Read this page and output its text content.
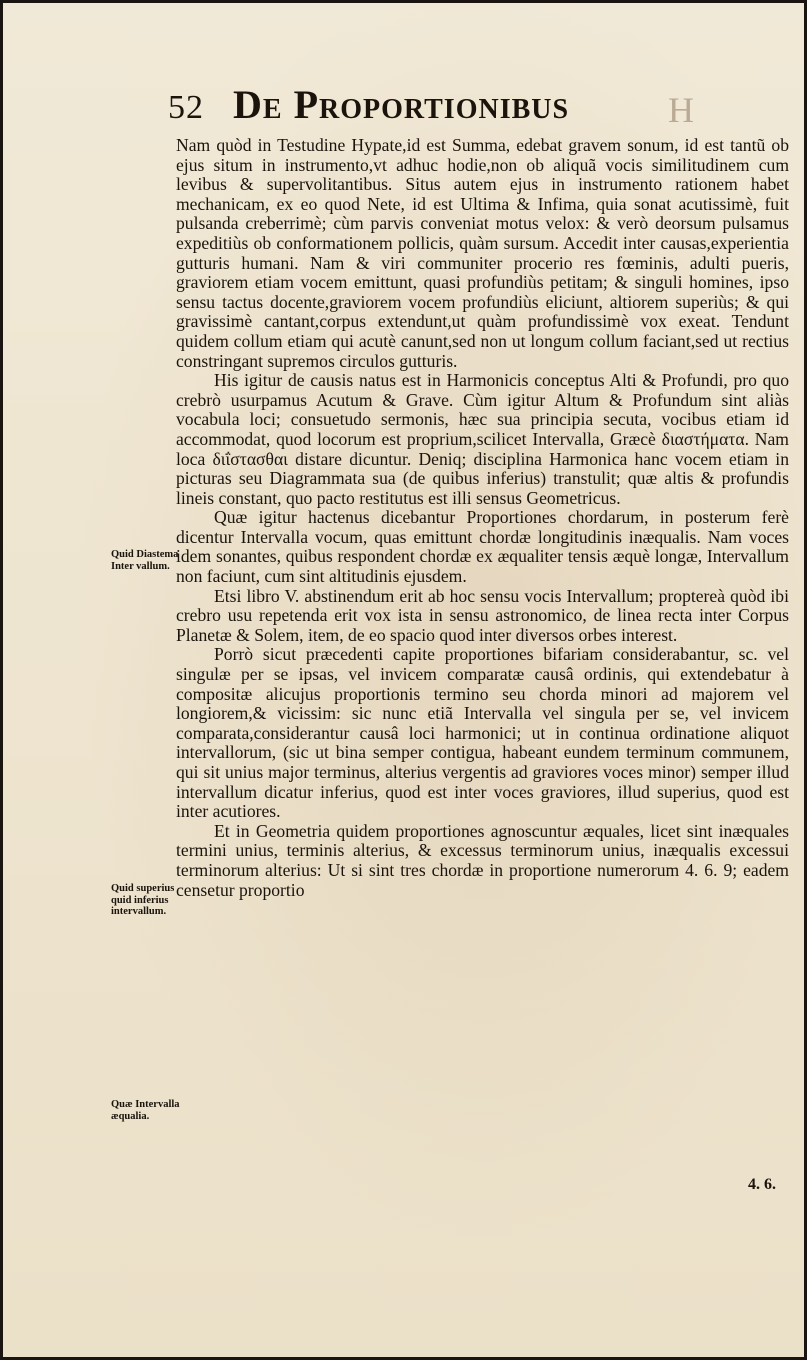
52 De Proportionibus	H

Nam quòd in Testudine Hypate,id est Summa, edebat gravem sonum, id est tantũ ob ejus situm in instrumento,vt adhuc hodie,non ob aliquã vocis similitudinem cum levibus & supervolitantibus. Situs autem ejus in instrumento rationem habet mechanicam, ex eo quod Nete, id est Ultima & Infima, quia sonat acutissimè, fuit pulsanda creberrimè; cùm parvis conveniat motus velox: & verò deorsum pulsamus expeditiùs ob conformationem pollicis, quàm sursum. Accedit inter causas,experientia gutturis humani. Nam & viri communiter procerio res fœminis, adulti pueris, graviorem etiam vocem emittunt, quasi profundiùs petitam; & singuli homines, ipso sensu tactus docente,graviorem vocem profundiùs eliciunt, altiorem superiùs; & qui gravissimè cantant,corpus extendunt,ut quàm profundissimè vox exeat. Tendunt quidem collum etiam qui acutè canunt,sed non ut longum collum faciant,sed ut rectius constringant supremos circulos gutturis.

His igitur de causis natus est in Harmonicis conceptus Alti & Profundi, pro quo crebrò usurpamus Acutum & Grave. Cùm igitur Altum & Profundum sint aliàs vocabula loci; consuetudo sermonis, hæc sua principia secuta, vocibus etiam id accommodat, quod locorum est proprium,scilicet Intervalla, Græcè διαστήματα. Nam loca διΐστασθαι distare dicuntur. Deniq; disciplina Harmonica hanc vocem etiam in picturas seu Diagrammata sua (de quibus inferius) transtulit; quæ altis & profundis lineis constant, quo pacto restitutus est illi sensus Geometricus.

Quæ igitur hactenus dicebantur Proportiones chordarum, in posterum ferè dicentur Intervalla vocum, quas emittunt chordæ longitudinis inæqualis. Nam voces idem sonantes, quibus respondent chordæ ex æqualiter tensis æquè longæ, Intervallum non faciunt, cum sint altitudinis ejusdem.

Etsi libro V. abstinendum erit ab hoc sensu vocis Intervallum; proptereà quòd ibi crebro usu repetenda erit vox ista in sensu astronomico, de linea recta inter Corpus Planetæ & Solem, item, de eo spacio quod inter diversos orbes interest.

Porrò sicut præcedenti capite proportiones bifariam considerabantur, sc. vel singulæ per se ipsas, vel invicem comparatæ causâ ordinis, qui extendebatur à compositæ alicujus proportionis termino seu chorda minori ad majorem vel longiorem,& vicissim: sic nunc etiã Intervalla vel singula per se, vel invicem comparata,considerantur causâ loci harmonici; ut in continua ordinatione aliquot intervallorum, (sic ut bina semper contigua, habeant eundem terminum communem, qui sit unius major terminus, alterius vergentis ad graviores voces minor) semper illud intervallum dicatur inferius, quod est inter voces graviores, illud superius, quod est inter acutiores.

Et in Geometria quidem proportiones agnoscuntur æquales, licet sint inæquales termini unius, terminis alterius, & excessus terminorum unius, inæqualis excessui terminorum alterius: Ut si sint tres chordæ in proportione numerorum 4. 6. 9; eadem censetur proportio

Quid Diastema Inter vallum.
Quid superius quid inferius intervallum.
Quæ Intervalla æqualia.
4. 6.
